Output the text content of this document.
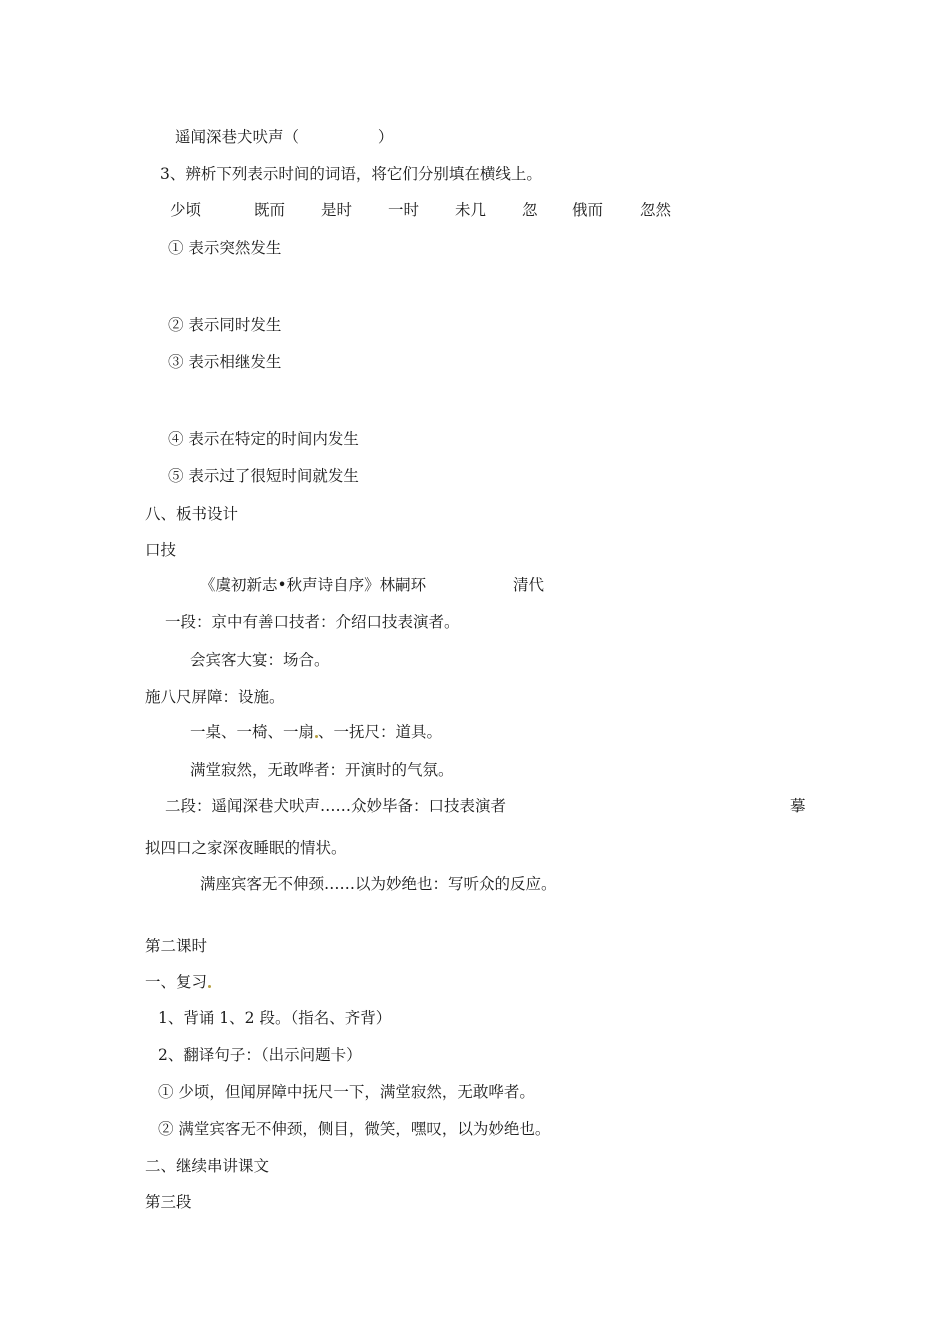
遥闻深巷犬吠声（                ）
3、辨析下列表示时间的词语，将它们分别填在横线上。
少顷	既而 是时 一时 未几 忽 俄而 忽然
① 表示突然发生
② 表示同时发生
③ 表示相继发生
④ 表示在特定的时间内发生
⑤ 表示过了很短时间就发生
八、板书设计
口技
《虞初新志•秋声诗自序》林嗣环	清代
一段：京中有善口技者：介绍口技表演者。
会宾客大宴：场合。
施八尺屏障：设施。
一桌、一椅、一扇 、一抚尺：道具。
满堂寂然，无敢哗者：开演时的气氛。
二段：遥闻深巷犬吠声……众妙毕备：口技表演者	摹
拟四口之家深夜睡眠的情状。
满座宾客无不伸颈……以为妙绝也：写听众的反应。
第二课时
一、复习
1、背诵 1、2 段。（指名、齐背）
2、翻译句子：（出示问题卡）
① 少顷，但闻屏障中抚尺一下，满堂寂然，无敢哗者。
② 满堂宾客无不伸颈，侧目，微笑，嘿叹，以为妙绝也。
二、继续串讲课文
第三段
